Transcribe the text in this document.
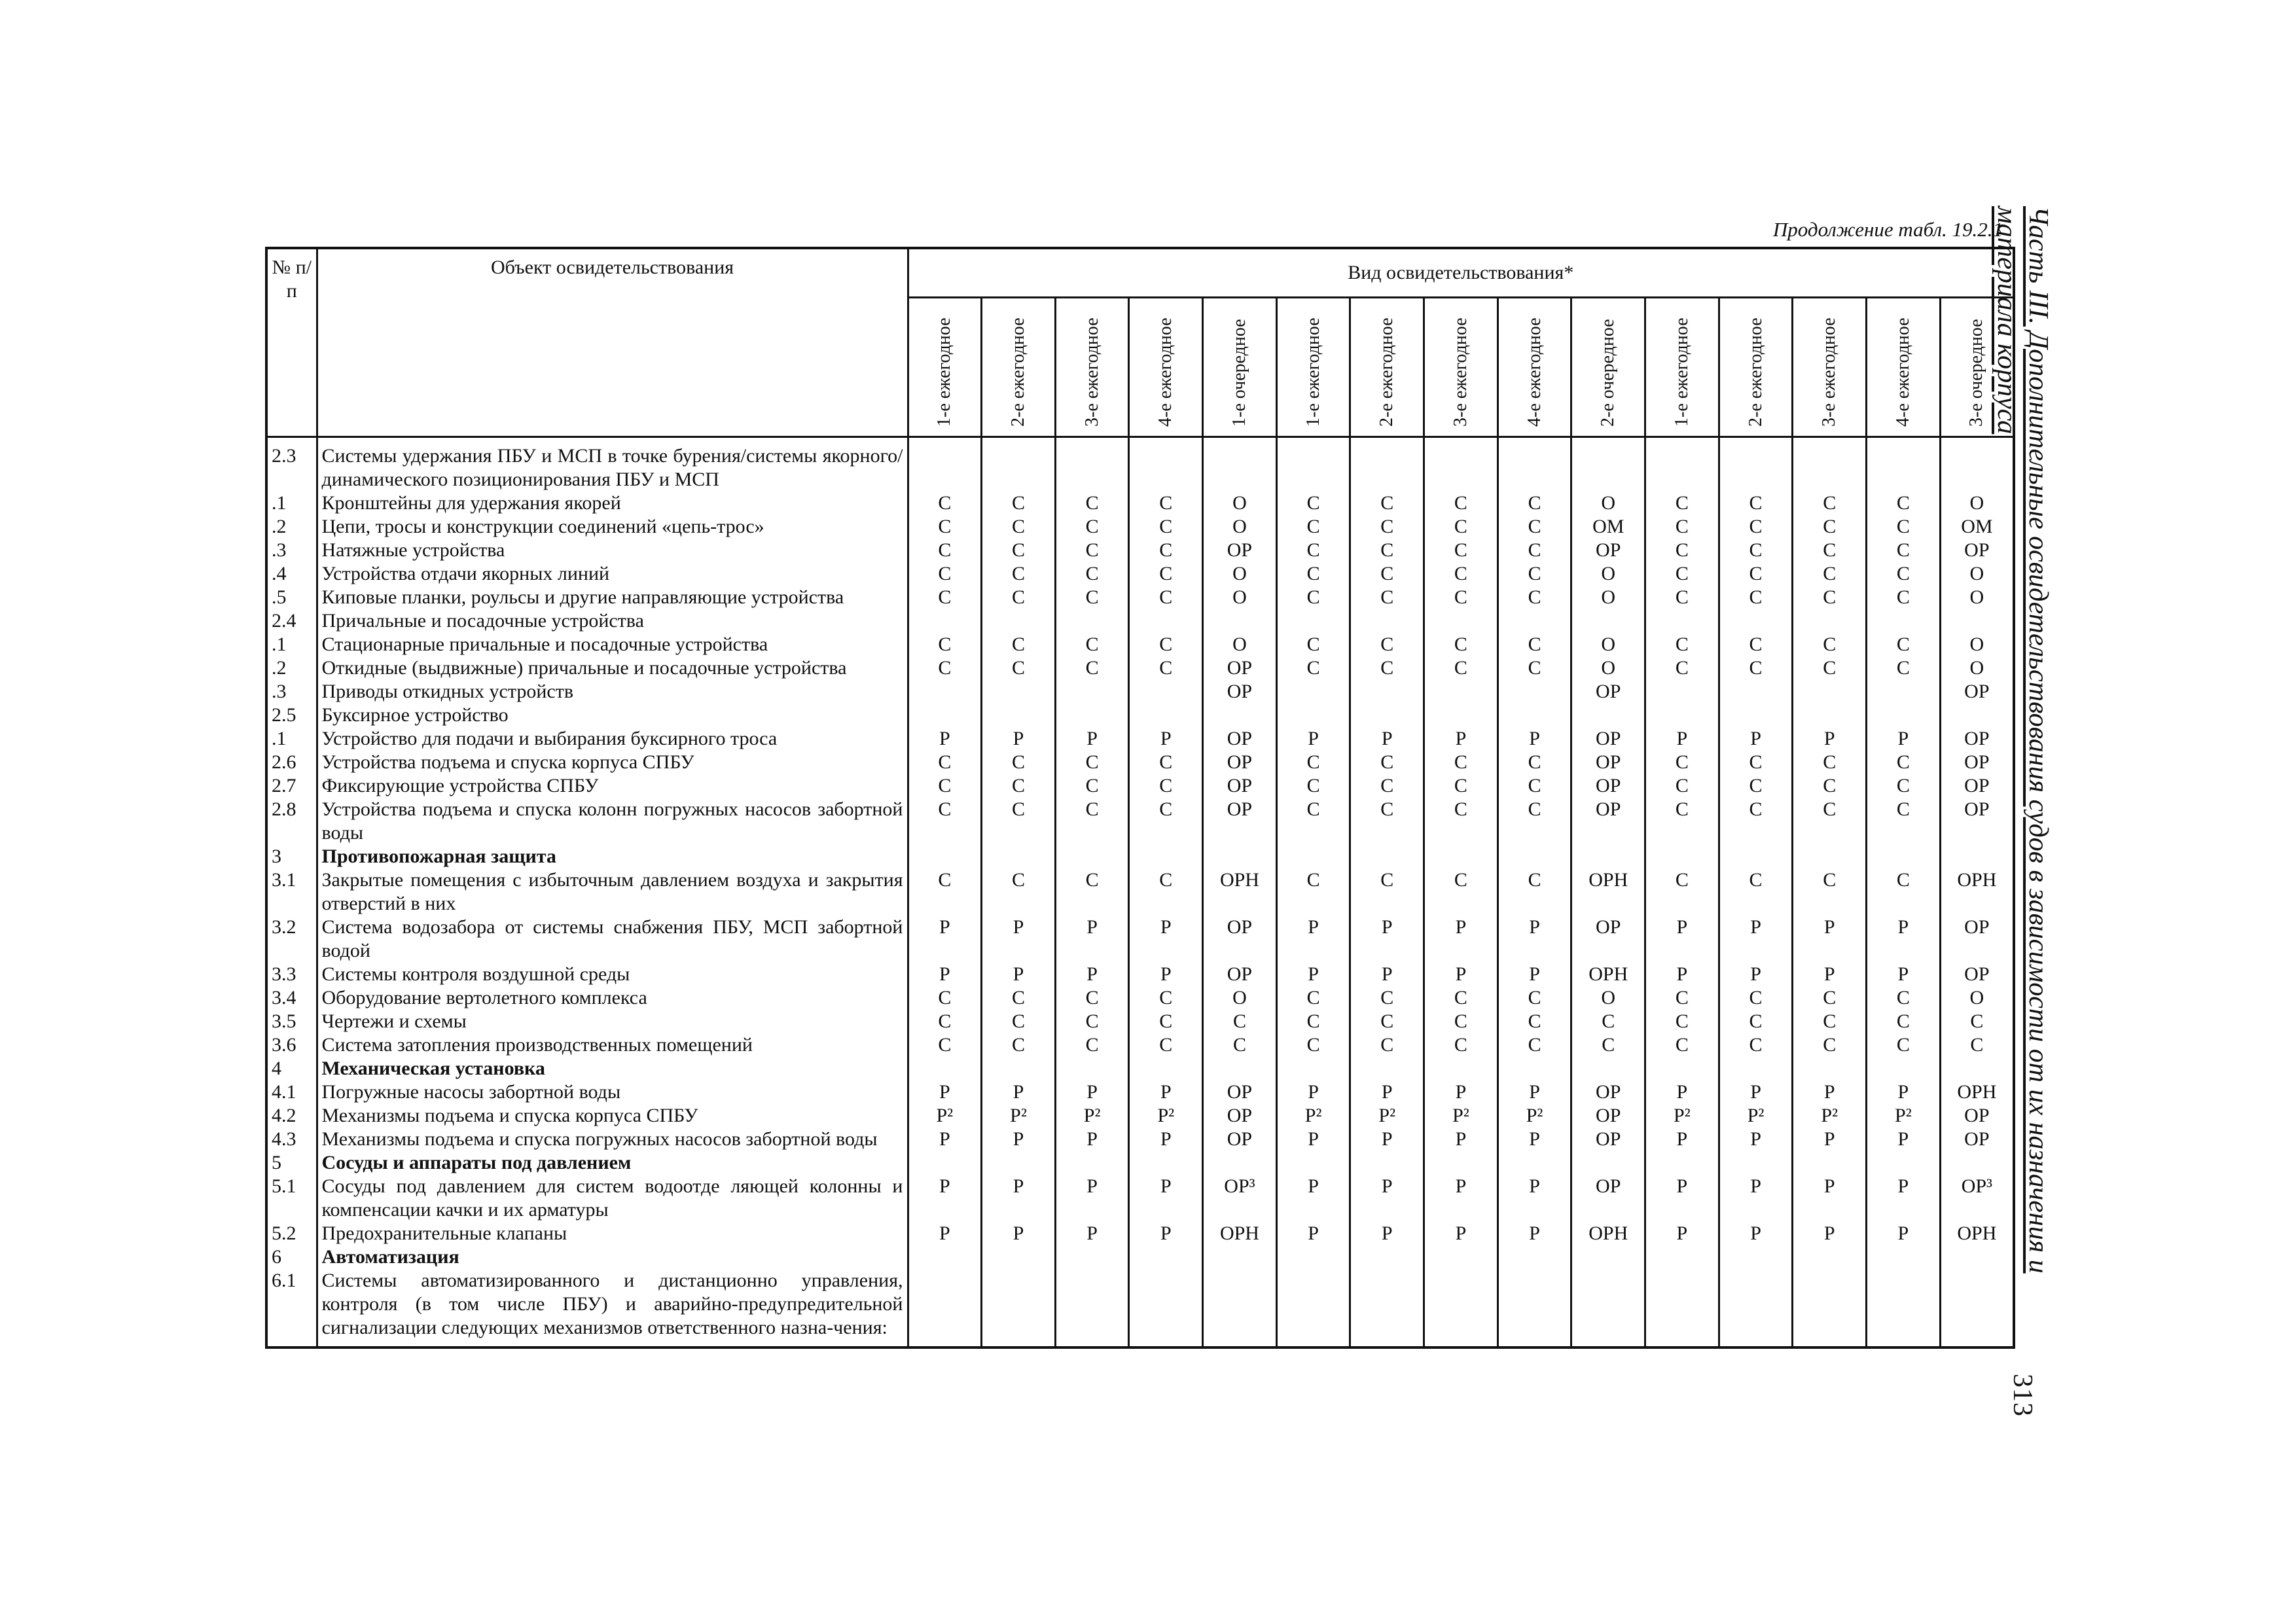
Продолжение табл. 19.2.1 Часть III. Дополнительные освидетельствования судов в зависимости от их назначения и материала корпуса
313
№ п/п	Объект освидетельствования	Вид освидетельствования*														

		1-е ежегодное	2-е ежегодное	3-е ежегодное	4-е ежегодное	1-е очередное	1-е ежегодное	2-е ежегодное	3-е ежегодное	4-е ежегодное	2-е очередное	1-е ежегодное	2-е ежегодное	3-е ежегодное	4-е ежегодное	3-е очередное

2.3	Системы удержания ПБУ и МСП в точке бурения/системы якорного/динамического позиционирования ПБУ и МСП															
.1	Кронштейны для удержания якорей	С	С	С	С	О	С	С	С	С	О	С	С	С	С	О
.2	Цепи, тросы и конструкции соединений «цепь-трос»	С	С	С	С	О	С	С	С	С	ОМ	С	С	С	С	ОМ
.3	Натяжные устройства	С	С	С	С	ОР	С	С	С	С	ОР	С	С	С	С	ОР
.4	Устройства отдачи якорных линий	С	С	С	С	О	С	С	С	С	О	С	С	С	С	О
.5	Киповые планки, роульсы и другие направляющие устройства	С	С	С	С	О	С	С	С	С	О	С	С	С	С	О
2.4	Причальные и посадочные устройства															
.1	Стационарные причальные и посадочные устройства	С	С	С	С	О	С	С	С	С	О	С	С	С	С	О
.2	Откидные (выдвижные) причальные и посадочные устройства	С	С	С	С	ОР	С	С	С	С	О	С	С	С	С	О
.3	Приводы откидных устройств					ОР					ОР					ОР
2.5	Буксирное устройство															
.1	Устройство для подачи и выбирания буксирного троса	Р	Р	Р	Р	ОР	Р	Р	Р	Р	ОР	Р	Р	Р	Р	ОР
2.6	Устройства подъема и спуска корпуса СПБУ	С	С	С	С	ОР	С	С	С	С	ОР	С	С	С	С	ОР
2.7	Фиксирующие устройства СПБУ	С	С	С	С	ОР	С	С	С	С	ОР	С	С	С	С	ОР
2.8	Устройства подъема и спуска колонн погружных насосов забортной воды	С	С	С	С	ОР	С	С	С	С	ОР	С	С	С	С	ОР
3	Противопожарная защита															
3.1	Закрытые помещения с избыточным давлением воздуха и закрытия отверстий в них	С	С	С	С	ОРН	С	С	С	С	ОРН	С	С	С	С	ОРН
3.2	Система водозабора от системы снабжения ПБУ, МСП забортной водой	Р	Р	Р	Р	ОР	Р	Р	Р	Р	ОР	Р	Р	Р	Р	ОР
3.3	Системы контроля воздушной среды	Р	Р	Р	Р	ОР	Р	Р	Р	Р	ОРН	Р	Р	Р	Р	ОР
3.4	Оборудование вертолетного комплекса	С	С	С	С	О	С	С	С	С	О	С	С	С	С	О
3.5	Чертежи и схемы	С	С	С	С	С	С	С	С	С	С	С	С	С	С	С
3.6	Система затопления производственных помещений	С	С	С	С	С	С	С	С	С	С	С	С	С	С	С
4	Механическая установка															
4.1	Погружные насосы забортной воды	Р	Р	Р	Р	ОР	Р	Р	Р	Р	ОР	Р	Р	Р	Р	ОРН
4.2	Механизмы подъема и спуска корпуса СПБУ	Р²	Р²	Р²	Р²	ОР	Р²	Р²	Р²	Р²	ОР	Р²	Р²	Р²	Р²	ОР
4.3	Механизмы подъема и спуска погружных насосов забортной воды	Р	Р	Р	Р	ОР	Р	Р	Р	Р	ОР	Р	Р	Р	Р	ОР
5	Сосуды и аппараты под давлением															
5.1	Сосуды под давлением для систем водоотде ляющей колонны и компенсации качки и их арматуры	Р	Р	Р	Р	ОР³	Р	Р	Р	Р	ОР	Р	Р	Р	Р	ОР³
5.2	Предохранительные клапаны	Р	Р	Р	Р	ОРН	Р	Р	Р	Р	ОРН	Р	Р	Р	Р	ОРН
6	Автоматизация															
6.1	Системы автоматизированного и дистанционно управления, контроля (в том числе ПБУ) и аварийно-предупредительной сигнализации следующих механизмов ответственного назна-чения:															
